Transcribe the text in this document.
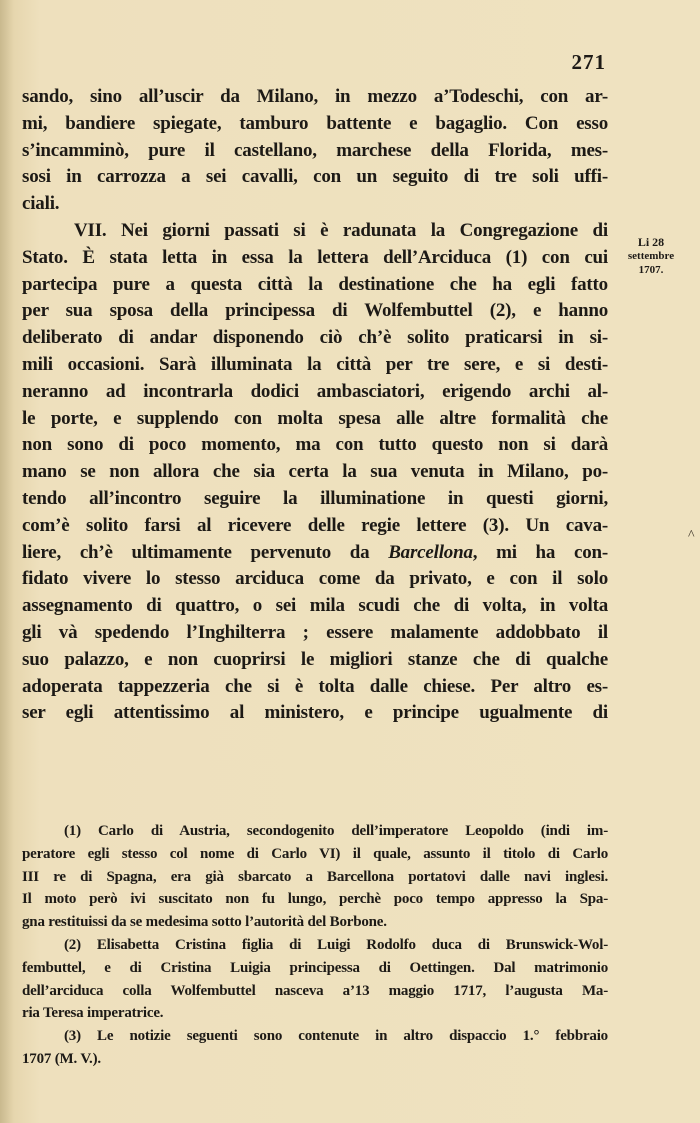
271
Li 28
settembre
1707.
sando, sino all’uscir da Milano, in mezzo a’Todeschi, con ar-
mi, bandiere spiegate, tamburo battente e bagaglio. Con esso
s’incamminò, pure il castellano, marchese della Florida, mes-
sosi in carrozza a sei cavalli, con un seguito di tre soli uffi-
ciali.
VII. Nei giorni passati si è radunata la Congregazione di
Stato. È stata letta in essa la lettera dell’Arciduca (1) con cui
partecipa pure a questa città la destinatione che ha egli fatto
per sua sposa della principessa di Wolfembuttel (2), e hanno
deliberato di andar disponendo ciò ch’è solito praticarsi in si-
mili occasioni. Sarà illuminata la città per tre sere, e si desti-
neranno ad incontrarla dodici ambasciatori, erigendo archi al-
le porte, e supplendo con molta spesa alle altre formalità che
non sono di poco momento, ma con tutto questo non si darà
mano se non allora che sia certa la sua venuta in Milano, po-
tendo all’incontro seguire la illuminatione in questi giorni,
com’è solito farsi al ricevere delle regie lettere (3). Un cava-
liere, ch’è ultimamente pervenuto da Barcellona, mi ha con-
fidato vivere lo stesso arciduca come da privato, e con il solo
assegnamento di quattro, o sei mila scudi che di volta, in volta
gli và spedendo l’Inghilterra ; essere malamente addobbato il
suo palazzo, e non cuoprirsi le migliori stanze che di qualche
adoperata tappezzeria che si è tolta dalle chiese. Per altro es-
ser egli attentissimo al ministero, e principe ugualmente di
(1) Carlo di Austria, secondogenito dell’imperatore Leopoldo (indi im-
peratore egli stesso col nome di Carlo VI) il quale, assunto il titolo di Carlo
III re di Spagna, era già sbarcato a Barcellona portatovi dalle navi inglesi.
Il moto però ivi suscitato non fu lungo, perchè poco tempo appresso la Spa-
gna restituissi da se medesima sotto l’autorità del Borbone.
(2) Elisabetta Cristina figlia di Luigi Rodolfo duca di Brunswick-Wol-
fembuttel, e di Cristina Luigia principessa di Oettingen. Dal matrimonio
dell’arciduca colla Wolfembuttel nasceva a’13 maggio 1717, l’augusta Ma-
ria Teresa imperatrice.
(3) Le notizie seguenti sono contenute in altro dispaccio 1.° febbraio
1707 (M. V.).
^
